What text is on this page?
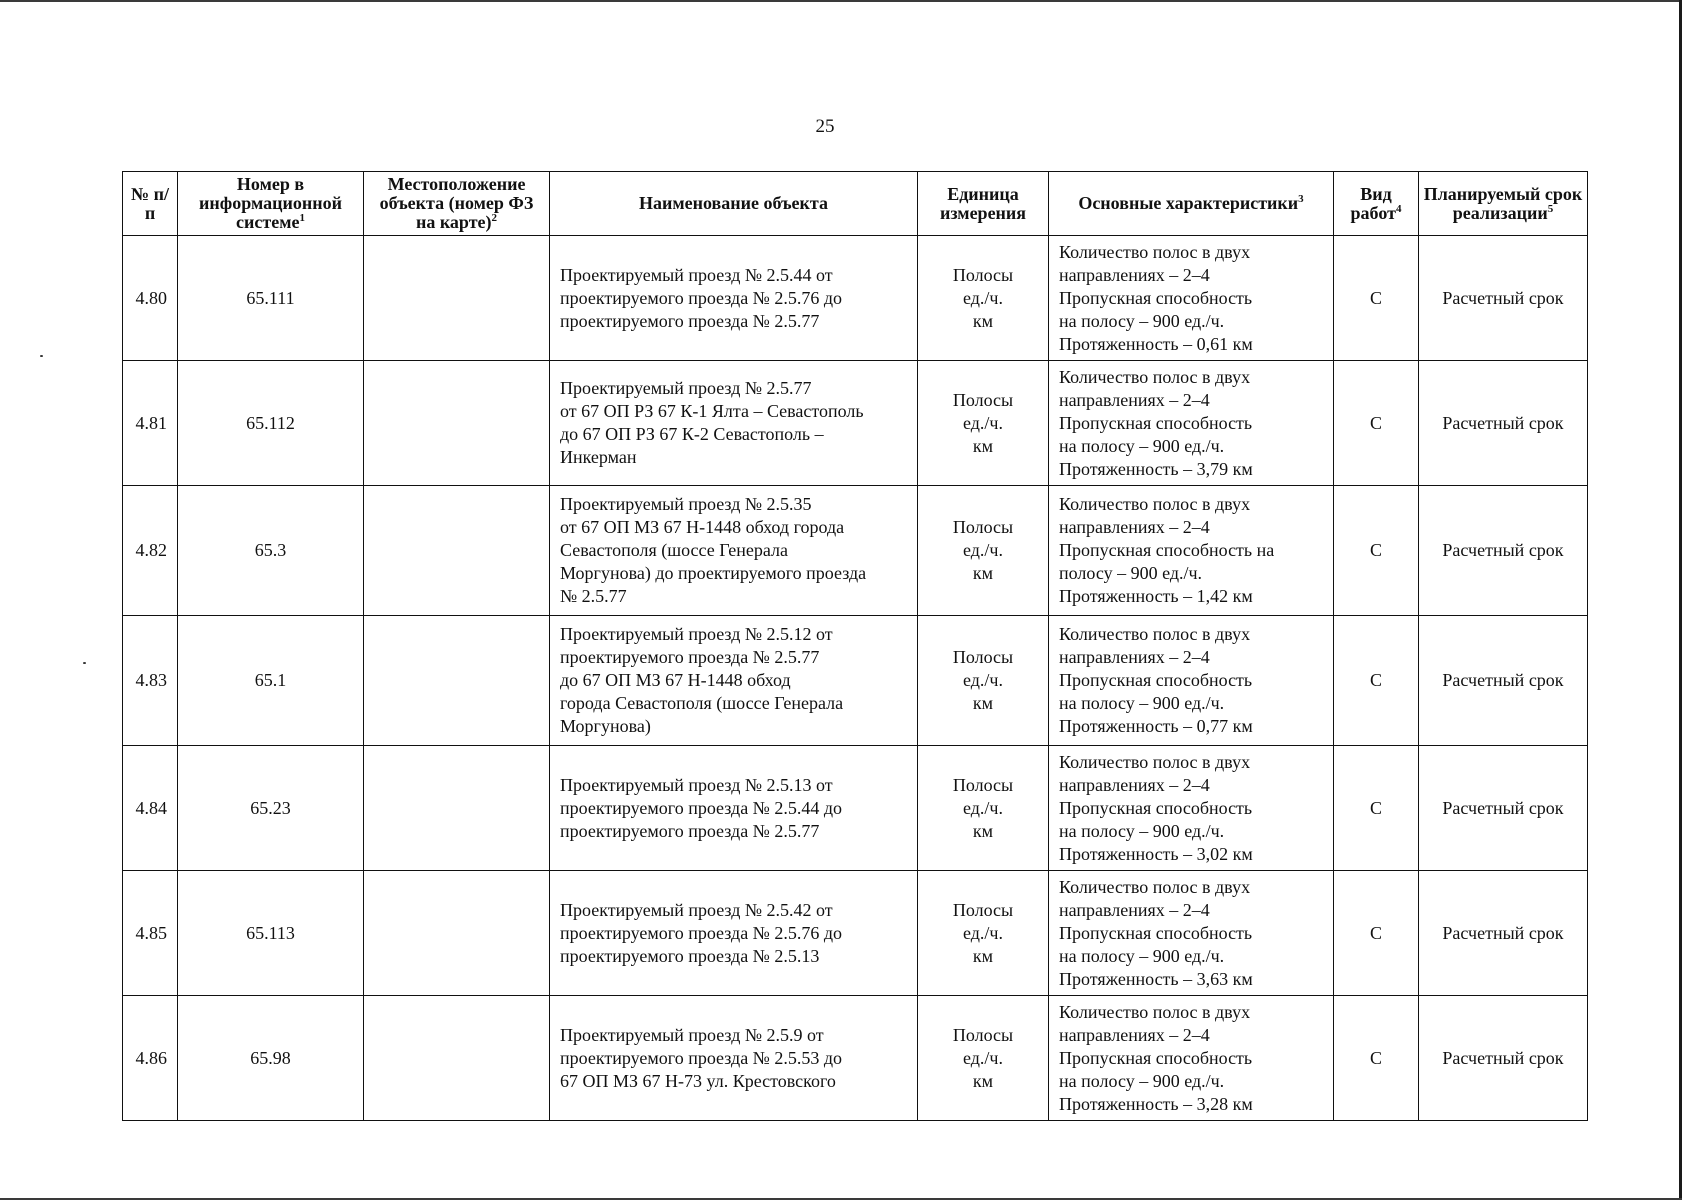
25
№ п/п	Номер в информационной системе$^1$	Местоположение объекта (номер ФЗ на карте)$^2$	Наименование объекта	Единица измерения	Основные характеристики$^3$	Вид работ$^4$	Планируемый срок реализации$^5$
4.80	65.111		Проектируемый проезд № 2.5.44 от
проектируемого проезда № 2.5.76 до
проектируемого проезда № 2.5.77	Полосы
ед./ч.
км	Количество полос в двух
направлениях – 2–4
Пропускная способность
на полосу – 900 ед./ч.
Протяженность – 0,61 км	С	Расчетный срок
4.81	65.112		Проектируемый проезд № 2.5.77
от 67 ОП РЗ 67 К-1 Ялта – Севастополь
до 67 ОП РЗ 67 К-2 Севастополь –
Инкерман	Полосы
ед./ч.
км	Количество полос в двух
направлениях – 2–4
Пропускная способность
на полосу – 900 ед./ч.
Протяженность – 3,79 км	С	Расчетный срок
4.82	65.3		Проектируемый проезд № 2.5.35
от 67 ОП МЗ 67 Н-1448 обход города
Севастополя (шоссе Генерала
Моргунова) до проектируемого проезда
№ 2.5.77	Полосы
ед./ч.
км	Количество полос в двух
направлениях – 2–4
Пропускная способность на
полосу – 900 ед./ч.
Протяженность – 1,42 км	С	Расчетный срок
4.83	65.1		Проектируемый проезд № 2.5.12 от
проектируемого проезда № 2.5.77
до 67 ОП МЗ 67 Н-1448 обход
города Севастополя (шоссе Генерала
Моргунова)	Полосы
ед./ч.
км	Количество полос в двух
направлениях – 2–4
Пропускная способность
на полосу – 900 ед./ч.
Протяженность – 0,77 км	С	Расчетный срок
4.84	65.23		Проектируемый проезд № 2.5.13 от
проектируемого проезда № 2.5.44 до
проектируемого проезда № 2.5.77	Полосы
ед./ч.
км	Количество полос в двух
направлениях – 2–4
Пропускная способность
на полосу – 900 ед./ч.
Протяженность – 3,02 км	С	Расчетный срок
4.85	65.113		Проектируемый проезд № 2.5.42 от
проектируемого проезда № 2.5.76 до
проектируемого проезда № 2.5.13	Полосы
ед./ч.
км	Количество полос в двух
направлениях – 2–4
Пропускная способность
на полосу – 900 ед./ч.
Протяженность – 3,63 км	С	Расчетный срок
4.86	65.98		Проектируемый проезд № 2.5.9 от
проектируемого проезда № 2.5.53 до
67 ОП МЗ 67 Н-73 ул. Крестовского	Полосы
ед./ч.
км	Количество полос в двух
направлениях – 2–4
Пропускная способность
на полосу – 900 ед./ч.
Протяженность – 3,28 км	С	Расчетный срок
